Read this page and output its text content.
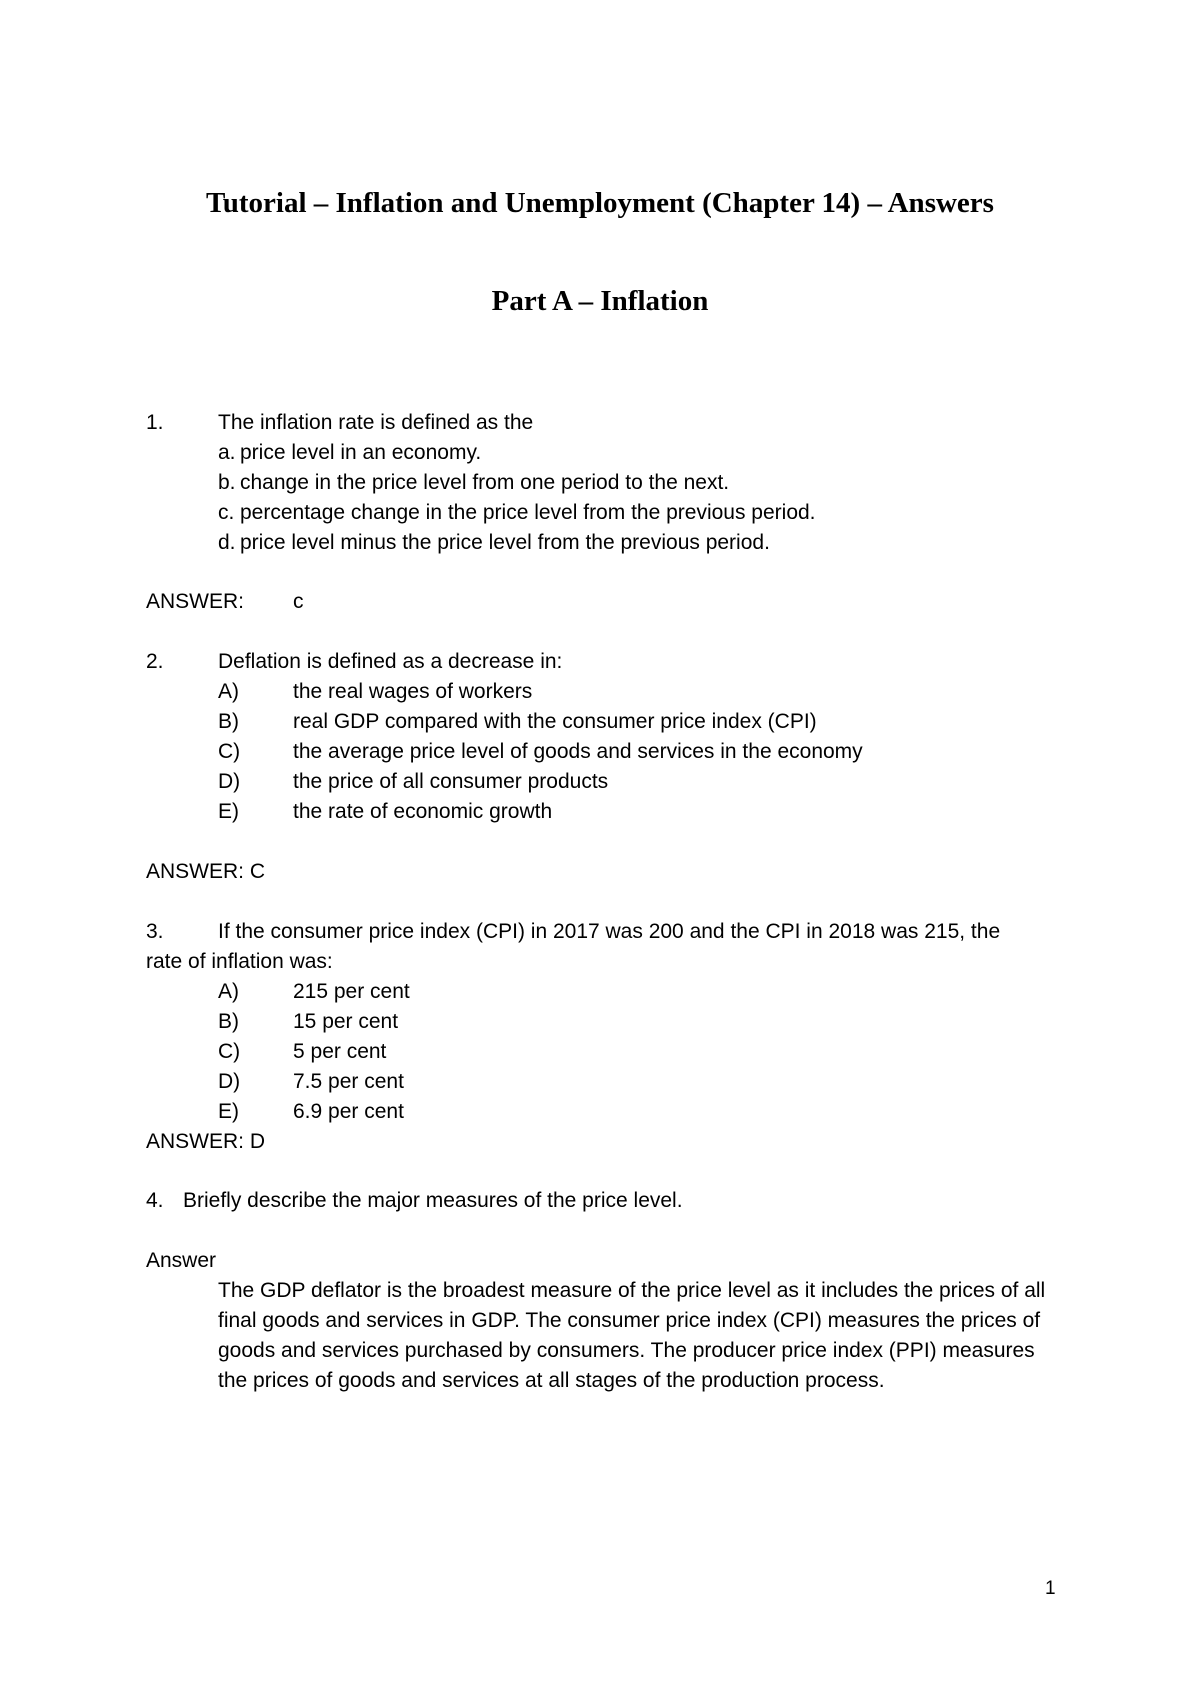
Tutorial – Inflation and Unemployment (Chapter 14) – Answers
Part A – Inflation

1.	The inflation rate is defined as the

a. price level in an economy.

b. change in the price level from one period to the next.

c. percentage change in the price level from the previous period.

d. price level minus the price level from the previous period.

ANSWER: c

2.	Deflation is defined as a decrease in:

A)	the real wages of workers

B)	real GDP compared with the consumer price index (CPI)

C)	the average price level of goods and services in the economy

D)	the price of all consumer products

E)	the rate of economic growth

ANSWER: C

3.	If the consumer price index (CPI) in 2017 was 200 and the CPI in 2018 was 215, the

rate of inflation was:

A)	215 per cent

B)	15 per cent

C)	5 per cent

D)	7.5 per cent

E)	6.9 per cent

ANSWER: D

4. Briefly describe the major measures of the price level.

Answer

The GDP deflator is the broadest measure of the price level as it includes the prices of all final goods and services in GDP. The consumer price index (CPI) measures the prices of goods and services purchased by consumers. The producer price index (PPI) measures the prices of goods and services at all stages of the production process.

1
